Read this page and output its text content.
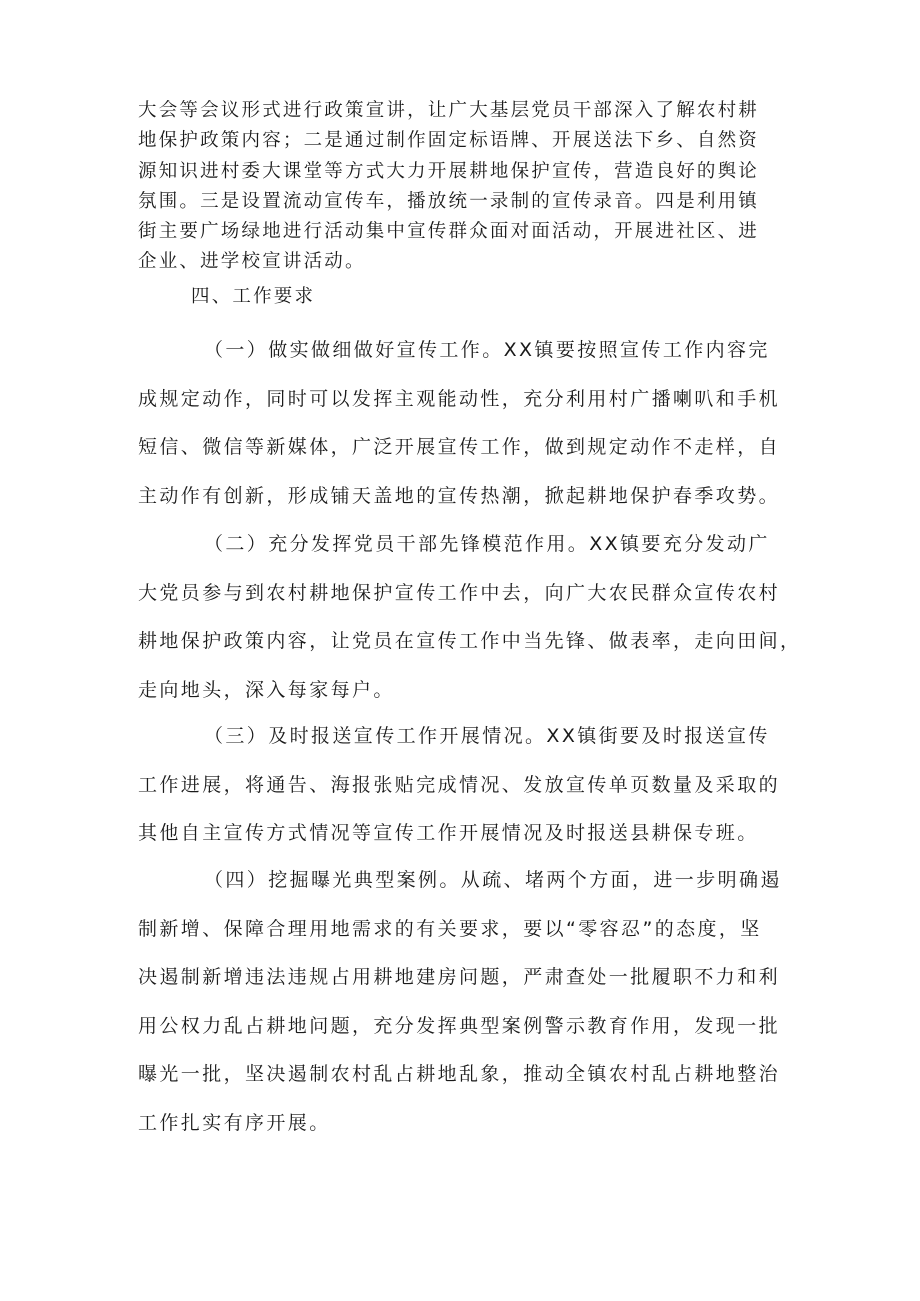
大会等会议形式进行政策宣讲，让广大基层党员干部深入了解农村耕
地保护政策内容；二是通过制作固定标语牌、开展送法下乡、自然资
源知识进村委大课堂等方式大力开展耕地保护宣传，营造良好的舆论
氛围。三是设置流动宣传车，播放统一录制的宣传录音。四是利用镇
街主要广场绿地进行活动集中宣传群众面对面活动，开展进社区、进
企业、进学校宣讲活动。
四、工作要求
（一）做实做细做好宣传工作。XX镇要按照宣传工作内容完
成规定动作，同时可以发挥主观能动性，充分利用村广播喇叭和手机
短信、微信等新媒体，广泛开展宣传工作，做到规定动作不走样，自
主动作有创新，形成铺天盖地的宣传热潮，掀起耕地保护春季攻势。
（二）充分发挥党员干部先锋模范作用。XX镇要充分发动广
大党员参与到农村耕地保护宣传工作中去，向广大农民群众宣传农村
耕地保护政策内容，让党员在宣传工作中当先锋、做表率，走向田间，
走向地头，深入每家每户。
（三）及时报送宣传工作开展情况。XX镇街要及时报送宣传
工作进展，将通告、海报张贴完成情况、发放宣传单页数量及采取的
其他自主宣传方式情况等宣传工作开展情况及时报送县耕保专班。
（四）挖掘曝光典型案例。从疏、堵两个方面，进一步明确遏
制新增、保障合理用地需求的有关要求，要以“零容忍”的态度，坚
决遏制新增违法违规占用耕地建房问题，严肃查处一批履职不力和利
用公权力乱占耕地问题，充分发挥典型案例警示教育作用，发现一批
曝光一批，坚决遏制农村乱占耕地乱象，推动全镇农村乱占耕地整治
工作扎实有序开展。
